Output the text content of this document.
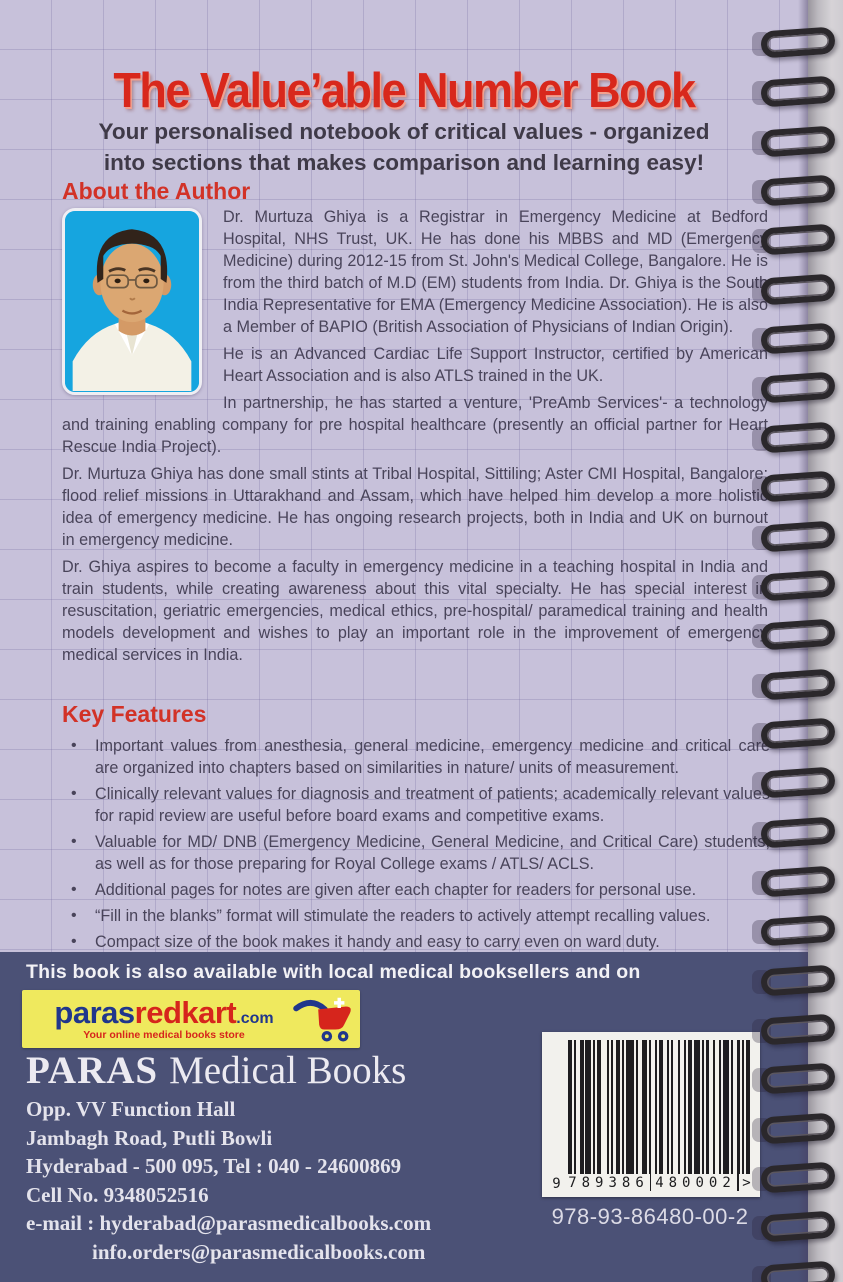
The Value’able Number Book
Your personalised notebook of critical values - organized
into sections that makes comparison and learning easy!
About the Author

Dr. Murtuza Ghiya is a Registrar in Emergency Medicine at Bedford Hospital, NHS Trust, UK. He has done his MBBS and MD (Emergency Medicine) during 2012-15 from St. John's Medical College, Bangalore. He is from the third batch of M.D (EM) students from India. Dr. Ghiya is the South India Representative for EMA (Emergency Medicine Association). He is also a Member of BAPIO (British Association of Physicians of Indian Origin).

He is an Advanced Cardiac Life Support Instructor, certified by American Heart Association and is also ATLS trained in the UK.

In partnership, he has started a venture, 'PreAmb Services'- a technology and training enabling company for pre hospital healthcare (presently an official partner for Heart Rescue India Project).

Dr. Murtuza Ghiya has done small stints at Tribal Hospital, Sittiling; Aster CMI Hospital, Bangalore; flood relief missions in Uttarakhand and Assam, which have helped him develop a more holistic idea of emergency medicine. He has ongoing research projects, both in India and UK on burnout in emergency medicine.

Dr. Ghiya aspires to become a faculty in emergency medicine in a teaching hospital in India and train students, while creating awareness about this vital specialty. He has special interest in resuscitation, geriatric emergencies, medical ethics, pre-hospital/ paramedical training and health models development and wishes to play an important role in the improvement of emergency medical services in India.

Key Features
• Important values from anesthesia, general medicine, emergency medicine and critical care are organized into chapters based on similarities in nature/ units of measurement.
• Clinically relevant values for diagnosis and treatment of patients; academically relevant values for rapid review are useful before board exams and competitive exams.
• Valuable for MD/ DNB (Emergency Medicine, General Medicine, and Critical Care) students, as well as for those preparing for Royal College exams / ATLS/ ACLS.
• Additional pages for notes are given after each chapter for readers for personal use.
• “Fill in the blanks” format will stimulate the readers to actively attempt recalling values.
• Compact size of the book makes it handy and easy to carry even on ward duty.
This book is also available with local medical booksellers and on
parasredkart.com
Your online medical books store
PARAS Medical Books
Opp. VV Function Hall
Jambagh Road, Putli Bowli
Hyderabad - 500 095, Tel : 040 - 24600869
Cell No. 9348052516
e-mail : hyderabad@parasmedicalbooks.com
info.orders@parasmedicalbooks.com
9 789386 480002 >
978-93-86480-00-2
